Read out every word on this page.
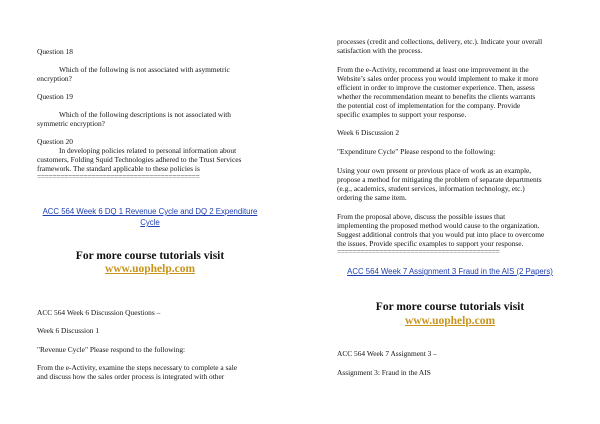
Question 18

Which of the following is not associated with asymmetric

encryption?

Question 19

Which of the following descriptions is not associated with

symmetric encryption?

Question 20

In developing policies related to personal information about

customers, Folding Squid Technologies adhered to the Trust Services

framework. The standard applicable to these policies is

==========================================

ACC 564 Week 6 DQ 1 Revenue Cycle and DQ 2 Expenditure

Cycle

For more course tutorials visit

www.uophelp.com

ACC 564 Week 6 Discussion Questions –

Week 6 Discussion 1

"Revenue Cycle" Please respond to the following:

From the e-Activity, examine the steps necessary to complete a sale

and discuss how the sales order process is integrated with other

processes (credit and collections, delivery, etc.). Indicate your overall

satisfaction with the process.

From the e-Activity, recommend at least one improvement in the

Website’s sales order process you would implement to make it more

efficient in order to improve the customer experience. Then, assess

whether the recommendation meant to benefits the clients warrants

the potential cost of implementation for the company. Provide

specific examples to support your response.

Week 6 Discussion 2

"Expenditure Cycle" Please respond to the following:

Using your own present or previous place of work as an example,

propose a method for mitigating the problem of separate departments

(e.g., academics, student services, information technology, etc.)

ordering the same item.

From the proposal above, discuss the possible issues that

implementing the proposed method would cause to the organization.

Suggest additional controls that you would put into place to overcome

the issues. Provide specific examples to support your response.

==========================================

ACC 564 Week 7 Assignment 3 Fraud in the AIS (2 Papers)

For more course tutorials visit

www.uophelp.com

ACC 564 Week 7 Assignment 3 –

Assignment 3: Fraud in the AIS
